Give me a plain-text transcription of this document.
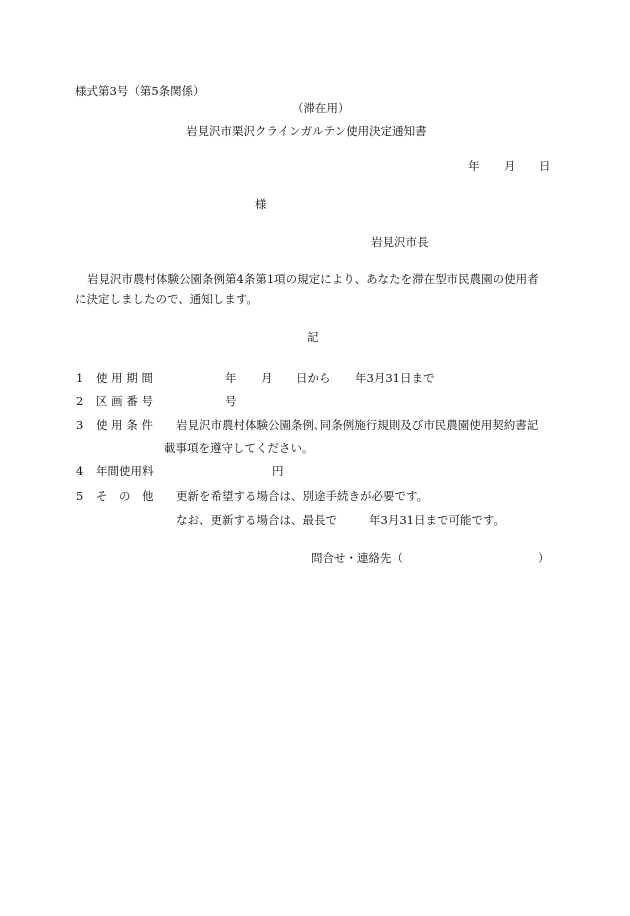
様式第3号（第5条関係）
（滞在用）
岩見沢市栗沢クラインガルテン使用決定通知書
年 月 日
様
岩見沢市長
岩見沢市農村体験公園条例第4条第1項の規定により、あなたを滞在型市民農園の使用者
に決定しましたので、通知します。
記
1 使 用 期 間	年 月 日から 年3月31日まで
2 区 画 番 号	号
3 使 用 条 件 岩見沢市農村体験公園条例､同条例施行規則及び市民農園使用契約書記
載事項を遵守してください。
4 年間使用料	円
5 そ　の　他 更新を希望する場合は、別途手続きが必要です。
なお、更新する場合は、最長で	年3月31日まで可能です。
問合せ・連絡先（	）
